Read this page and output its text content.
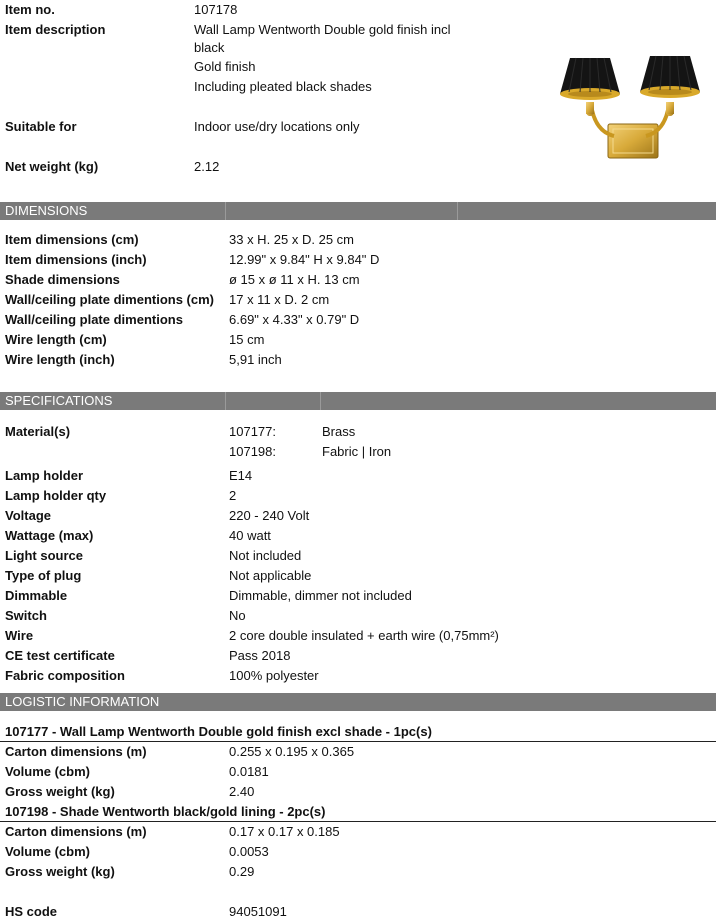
Item no.	107178
Item description	Wall Lamp Wentworth Double gold finish incl
black
Gold finish
Including pleated black shades
Suitable for	Indoor use/dry locations only
Net weight (kg)	2.12
DIMENSIONS
Item dimensions (cm)	33 x H. 25 x D. 25 cm
Item dimensions (inch)	12.99" x 9.84" H x 9.84" D
Shade dimensions	ø 15 x ø 11 x H. 13 cm
Wall/ceiling plate dimentions (cm) 17 x 11 x D. 2 cm
Wall/ceiling plate dimentions	6.69" x 4.33" x 0.79" D
Wire length (cm)	15 cm
Wire length (inch)	5,91 inch
SPECIFICATIONS
Material(s)	107177:	Brass
107198:	Fabric | Iron
Lamp holder	E14
Lamp holder qty	2
Voltage	220 - 240 Volt
Wattage (max)	40 watt
Light source	Not included
Type of plug	Not applicable
Dimmable	Dimmable, dimmer not included
Switch	No
Wire	2 core double insulated + earth wire (0,75mm²)
CE test certificate	Pass 2018
Fabric composition	100% polyester
LOGISTIC INFORMATION
107177 - Wall Lamp Wentworth Double gold finish excl shade - 1pc(s)
Carton dimensions (m)	0.255 x 0.195 x 0.365
Volume (cbm)	0.0181
Gross weight (kg)	2.40
107198 - Shade Wentworth black/gold lining - 2pc(s)
Carton dimensions (m)	0.17 x 0.17 x 0.185
Volume (cbm)	0.0053
Gross weight (kg)	0.29
HS code	94051091
